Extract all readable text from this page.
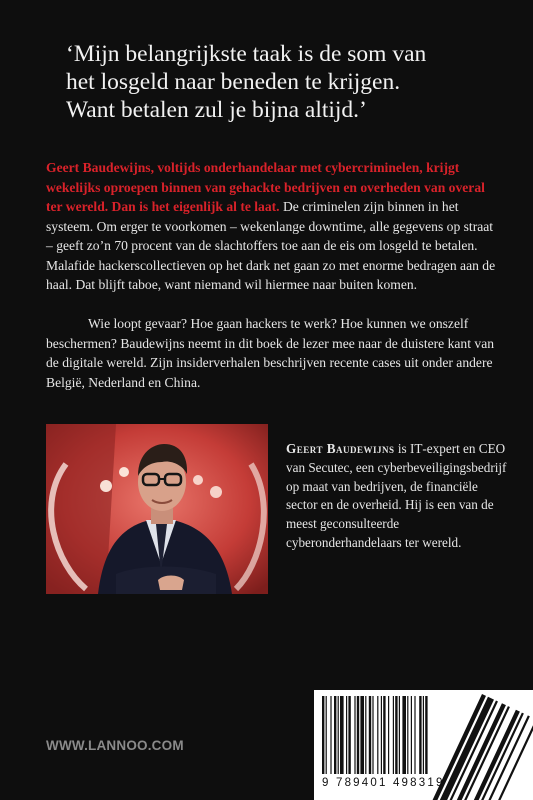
‘Mijn belangrijkste taak is de som van
het losgeld naar beneden te krijgen.
Want betalen zul je bijna altijd.’

Geert Baudewijns, voltijds onderhandelaar met cybercriminelen, krijgt wekelijks oproepen binnen van gehackte bedrijven en overheden van overal ter wereld. Dan is het eigenlijk al te laat. De criminelen zijn binnen in het systeem. Om erger te voorkomen – wekenlange downtime, alle gegevens op straat – geeft zo’n 70 procent van de slachtoffers toe aan de eis om losgeld te betalen. Malafide hackerscollectieven op het dark net gaan zo met enorme bedragen aan de haal. Dat blijft taboe, want niemand wil hiermee naar buiten komen.

Wie loopt gevaar? Hoe gaan hackers te werk? Hoe kunnen we onszelf beschermen? Baudewijns neemt in dit boek de lezer mee naar de duistere kant van de digitale wereld. Zijn insiderverhalen beschrijven recente cases uit onder andere België, Nederland en China.

Geert Baudewijns is IT-expert en CEO van Secutec, een cyberbeveiligingsbedrijf op maat van bedrijven, de financiële sector en de overheid. Hij is een van de meest geconsulteerde cyberonderhandelaars ter wereld.

WWW.LANNOO.COM

9 789401 498319
